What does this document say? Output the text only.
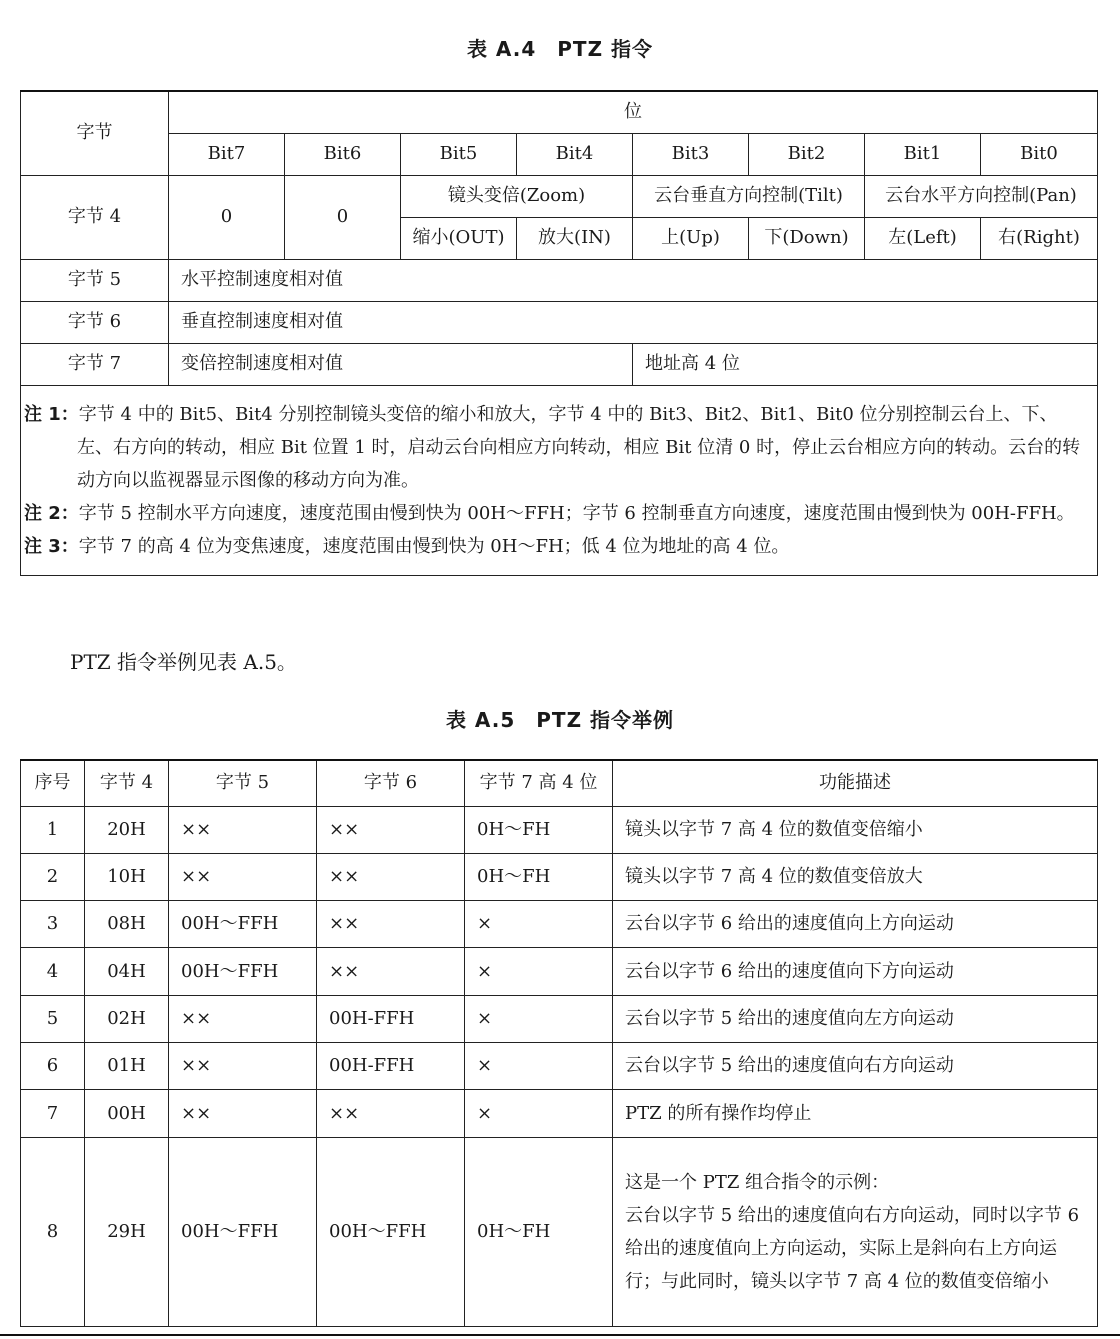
表 A.4　PTZ 指令
字节	位							
	Bit7	Bit6	Bit5	Bit4	Bit3	Bit2	Bit1	Bit0
字节 4	0	0	镜头变倍(Zoom)		云台垂直方向控制(Tilt)		云台水平方向控制(Pan)	
			缩小(OUT)	放大(IN)	上(Up)	下(Down)	左(Left)	右(Right)
字节 5	水平控制速度相对值							
字节 6	垂直控制速度相对值							
字节 7	变倍控制速度相对值				地址高 4 位			

注 1：字节 4 中的 Bit5、Bit4 分别控制镜头变倍的缩小和放大，字节 4 中的 Bit3、Bit2、Bit1、Bit0 位分别控制云台上、下、左、右方向的转动，相应 Bit 位置 1 时，启动云台向相应方向转动，相应 Bit 位清 0 时，停止云台相应方向的转动。云台的转动方向以监视器显示图像的移动方向为准。
注 2：字节 5 控制水平方向速度，速度范围由慢到快为 00H～FFH；字节 6 控制垂直方向速度，速度范围由慢到快为 00H-FFH。
注 3：字节 7 的高 4 位为变焦速度，速度范围由慢到快为 0H～FH；低 4 位为地址的高 4 位。								
PTZ 指令举例见表 A.5。
表 A.5　PTZ 指令举例
序号	字节 4	字节 5	字节 6	字节 7 高 4 位	功能描述
1	20H	××	××	0H～FH	镜头以字节 7 高 4 位的数值变倍缩小
2	10H	××	××	0H～FH	镜头以字节 7 高 4 位的数值变倍放大
3	08H	00H～FFH	××	×	云台以字节 6 给出的速度值向上方向运动
4	04H	00H～FFH	××	×	云台以字节 6 给出的速度值向下方向运动
5	02H	××	00H-FFH	×	云台以字节 5 给出的速度值向左方向运动
6	01H	××	00H-FFH	×	云台以字节 5 给出的速度值向右方向运动
7	00H	××	××	×	PTZ 的所有操作均停止
8	29H	00H～FFH	00H～FFH	0H～FH	这是一个 PTZ 组合指令的示例：
云台以字节 5 给出的速度值向右方向运动，同时以字节 6 给出的速度值向上方向运动，实际上是斜向右上方向运行；与此同时，镜头以字节 7 高 4 位的数值变倍缩小
